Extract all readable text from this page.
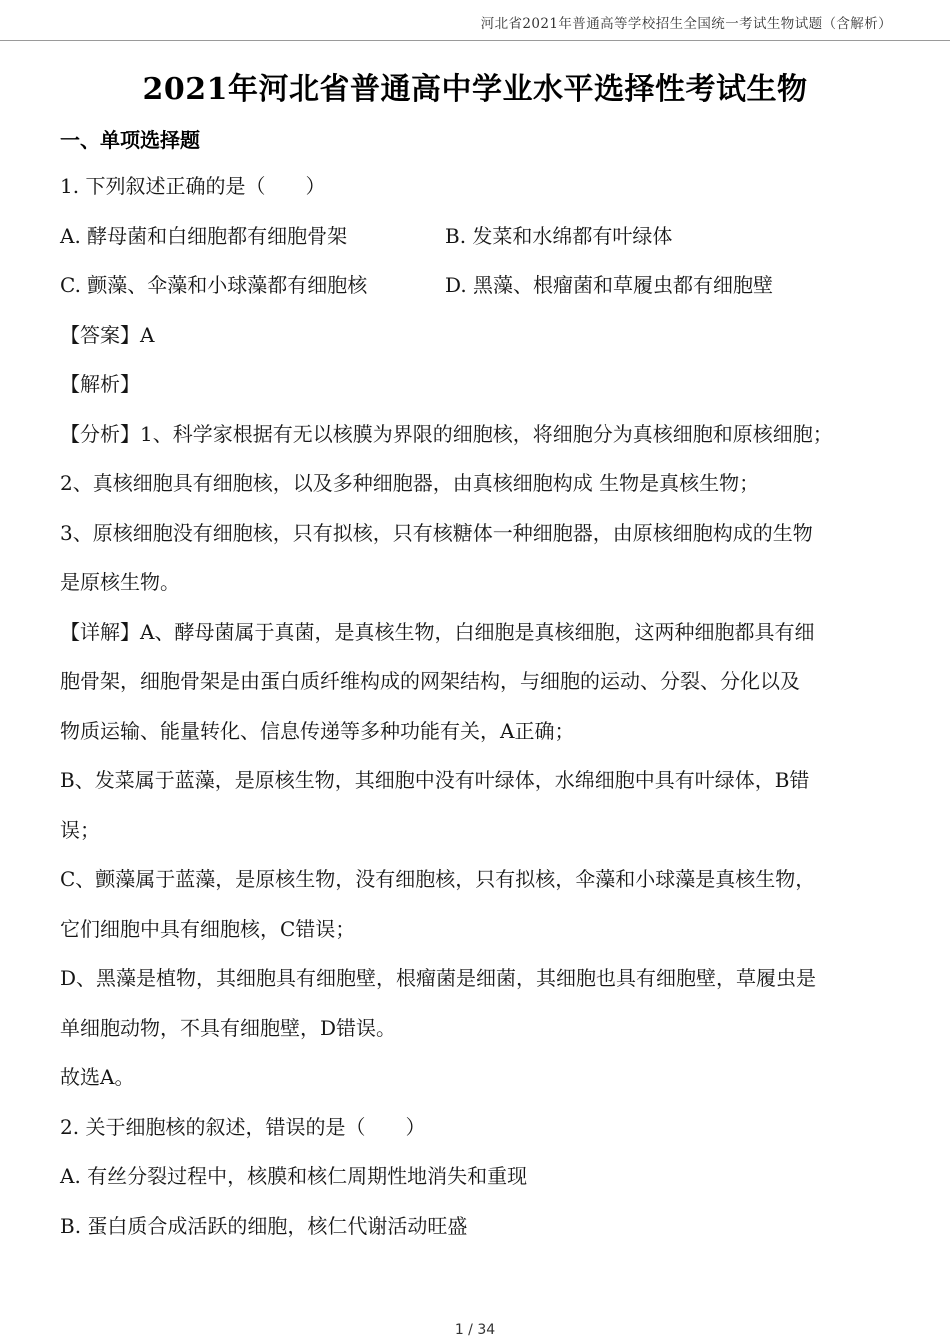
河北省2021年普通高等学校招生全国统一考试生物试题（含解析）
2021年河北省普通高中学业水平选择性考试生物
一、单项选择题
1. 下列叙述正确的是（　　）
A. 酵母菌和白细胞都有细胞骨架	B. 发菜和水绵都有叶绿体
C. 颤藻、伞藻和小球藻都有细胞核	D. 黑藻、根瘤菌和草履虫都有细胞壁
【答案】A
【解析】
【分析】1、科学家根据有无以核膜为界限的细胞核，将细胞分为真核细胞和原核细胞；
2、真核细胞具有细胞核，以及多种细胞器，由真核细胞构成 生物是真核生物；
3、原核细胞没有细胞核，只有拟核，只有核糖体一种细胞器，由原核细胞构成的生物
是原核生物。
【详解】A、酵母菌属于真菌，是真核生物，白细胞是真核细胞，这两种细胞都具有细
胞骨架，细胞骨架是由蛋白质纤维构成的网架结构，与细胞的运动、分裂、分化以及
物质运输、能量转化、信息传递等多种功能有关，A正确；
B、发菜属于蓝藻，是原核生物，其细胞中没有叶绿体，水绵细胞中具有叶绿体，B错
误；
C、颤藻属于蓝藻，是原核生物，没有细胞核，只有拟核，伞藻和小球藻是真核生物，
它们细胞中具有细胞核，C错误；
D、黑藻是植物，其细胞具有细胞壁，根瘤菌是细菌，其细胞也具有细胞壁，草履虫是
单细胞动物，不具有细胞壁，D错误。
故选A。
2. 关于细胞核的叙述，错误的是（　　）
A. 有丝分裂过程中，核膜和核仁周期性地消失和重现
B. 蛋白质合成活跃的细胞，核仁代谢活动旺盛
1 / 34
